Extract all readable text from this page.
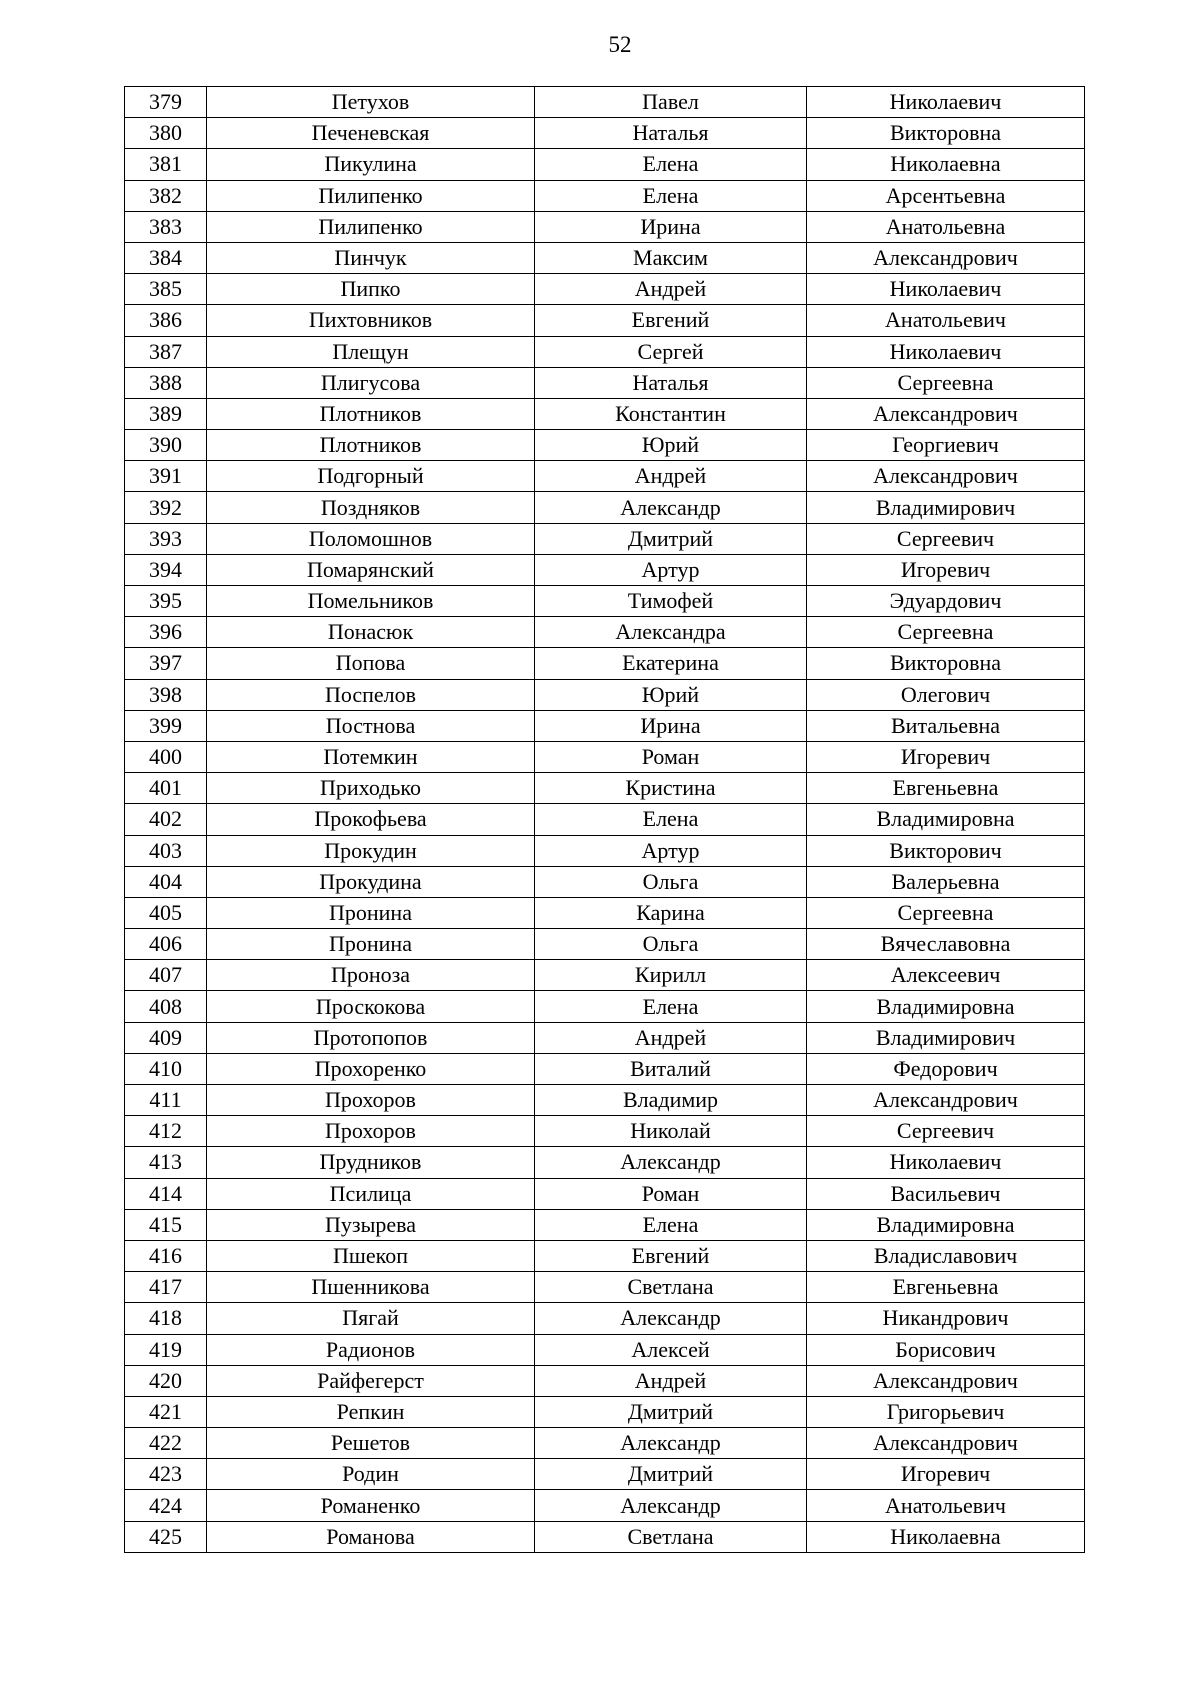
52
379	Петухов	Павел	Николаевич
380	Печеневская	Наталья	Викторовна
381	Пикулина	Елена	Николаевна
382	Пилипенко	Елена	Арсентьевна
383	Пилипенко	Ирина	Анатольевна
384	Пинчук	Максим	Александрович
385	Пипко	Андрей	Николаевич
386	Пихтовников	Евгений	Анатольевич
387	Плещун	Сергей	Николаевич
388	Плигусова	Наталья	Сергеевна
389	Плотников	Константин	Александрович
390	Плотников	Юрий	Георгиевич
391	Подгорный	Андрей	Александрович
392	Поздняков	Александр	Владимирович
393	Поломошнов	Дмитрий	Сергеевич
394	Помарянский	Артур	Игоревич
395	Помельников	Тимофей	Эдуардович
396	Понасюк	Александра	Сергеевна
397	Попова	Екатерина	Викторовна
398	Поспелов	Юрий	Олегович
399	Постнова	Ирина	Витальевна
400	Потемкин	Роман	Игоревич
401	Приходько	Кристина	Евгеньевна
402	Прокофьева	Елена	Владимировна
403	Прокудин	Артур	Викторович
404	Прокудина	Ольга	Валерьевна
405	Пронина	Карина	Сергеевна
406	Пронина	Ольга	Вячеславовна
407	Проноза	Кирилл	Алексеевич
408	Проскокова	Елена	Владимировна
409	Протопопов	Андрей	Владимирович
410	Прохоренко	Виталий	Федорович
411	Прохоров	Владимир	Александрович
412	Прохоров	Николай	Сергеевич
413	Прудников	Александр	Николаевич
414	Псилица	Роман	Васильевич
415	Пузырева	Елена	Владимировна
416	Пшекоп	Евгений	Владиславович
417	Пшенникова	Светлана	Евгеньевна
418	Пягай	Александр	Никандрович
419	Радионов	Алексей	Борисович
420	Райфегерст	Андрей	Александрович
421	Репкин	Дмитрий	Григорьевич
422	Решетов	Александр	Александрович
423	Родин	Дмитрий	Игоревич
424	Романенко	Александр	Анатольевич
425	Романова	Светлана	Николаевна
